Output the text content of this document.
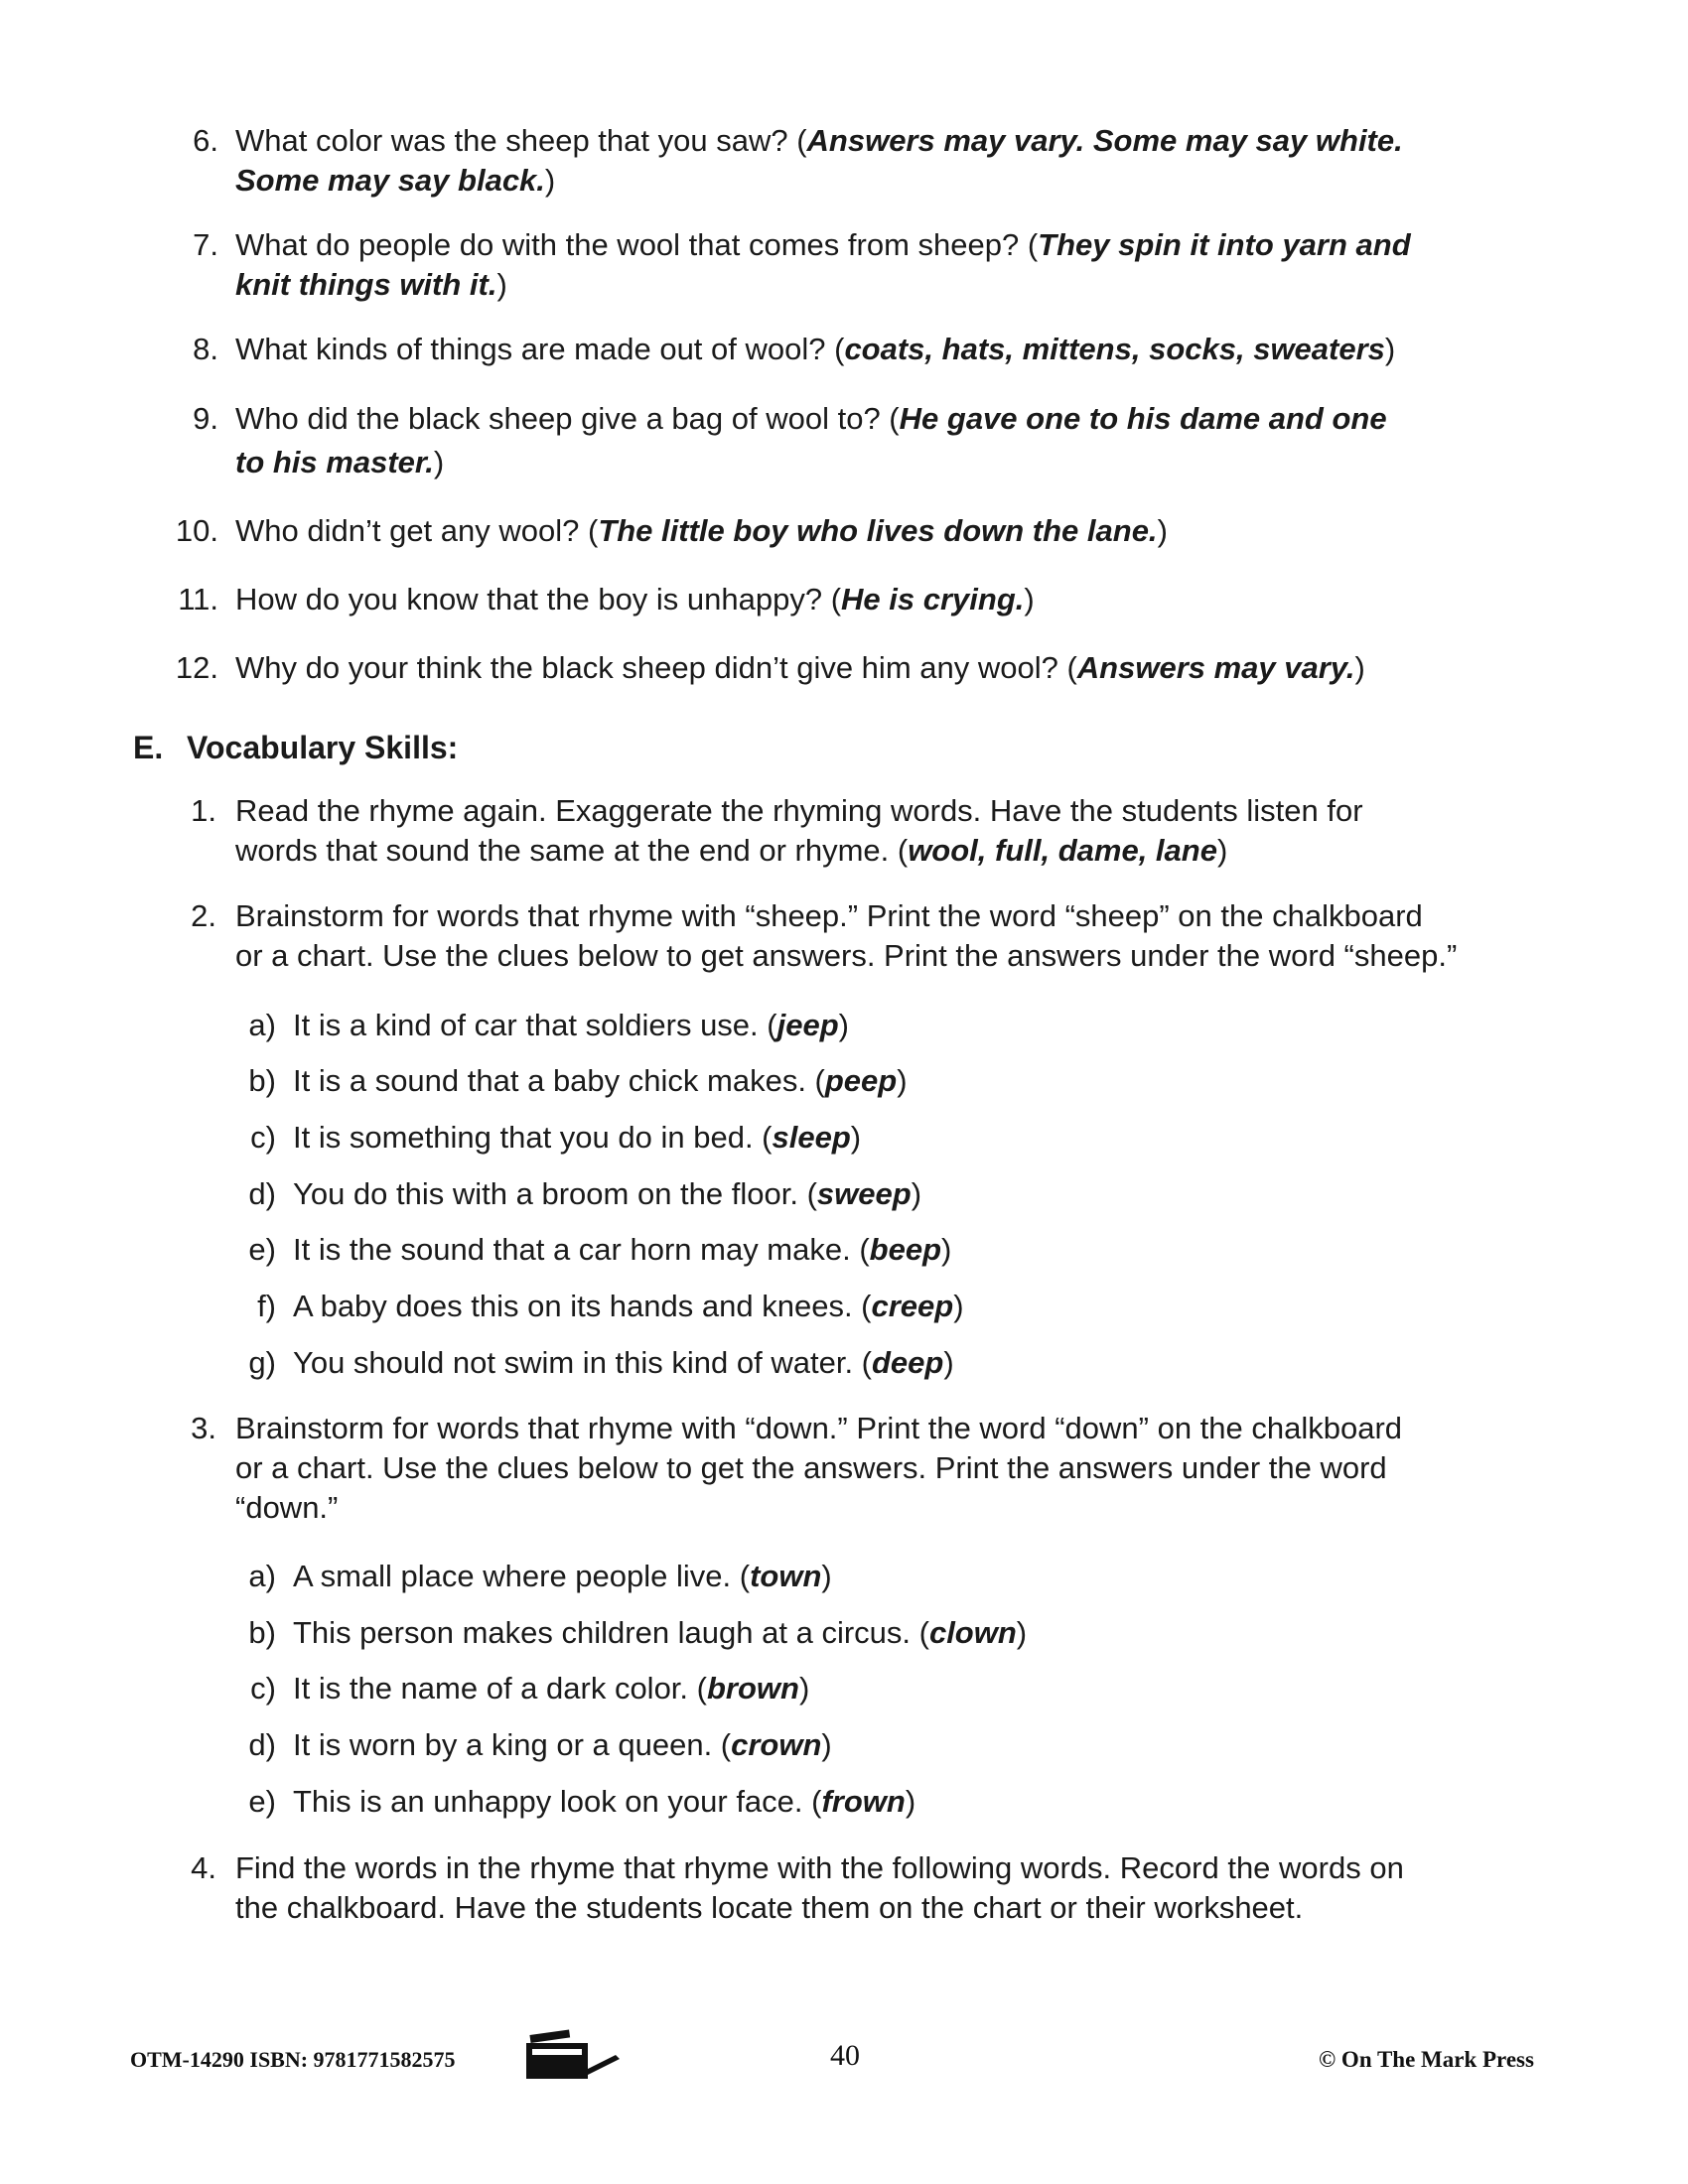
6. What color was the sheep that you saw? (Answers may vary. Some may say white.
Some may say black.)
7. What do people do with the wool that comes from sheep? (They spin it into yarn and
knit things with it.)
8. What kinds of things are made out of wool? (coats, hats, mittens, socks, sweaters)
9. Who did the black sheep give a bag of wool to? (He gave one to his dame and one
to his master.)
10. Who didn’t get any wool? (The little boy who lives down the lane.)
11. How do you know that the boy is unhappy? (He is crying.)
12. Why do your think the black sheep didn’t give him any wool? (Answers may vary.)
E. Vocabulary Skills:
1. Read the rhyme again. Exaggerate the rhyming words. Have the students listen for
words that sound the same at the end or rhyme. (wool, full, dame, lane)
2. Brainstorm for words that rhyme with “sheep.” Print the word “sheep” on the chalkboard
or a chart. Use the clues below to get answers. Print the answers under the word “sheep.”
a) It is a kind of car that soldiers use. (jeep)
b) It is a sound that a baby chick makes. (peep)
c) It is something that you do in bed. (sleep)
d) You do this with a broom on the floor. (sweep)
e) It is the sound that a car horn may make. (beep)
f) A baby does this on its hands and knees. (creep)
g) You should not swim in this kind of water. (deep)
3. Brainstorm for words that rhyme with “down.” Print the word “down” on the chalkboard
or a chart. Use the clues below to get the answers. Print the answers under the word
“down.”
a) A small place where people live. (town)
b) This person makes children laugh at a circus. (clown)
c) It is the name of a dark color. (brown)
d) It is worn by a king or a queen. (crown)
e) This is an unhappy look on your face. (frown)
4. Find the words in the rhyme that rhyme with the following words. Record the words on
the chalkboard. Have the students locate them on the chart or their worksheet.
OTM-14290 ISBN: 9781771582575	40	© On The Mark Press
